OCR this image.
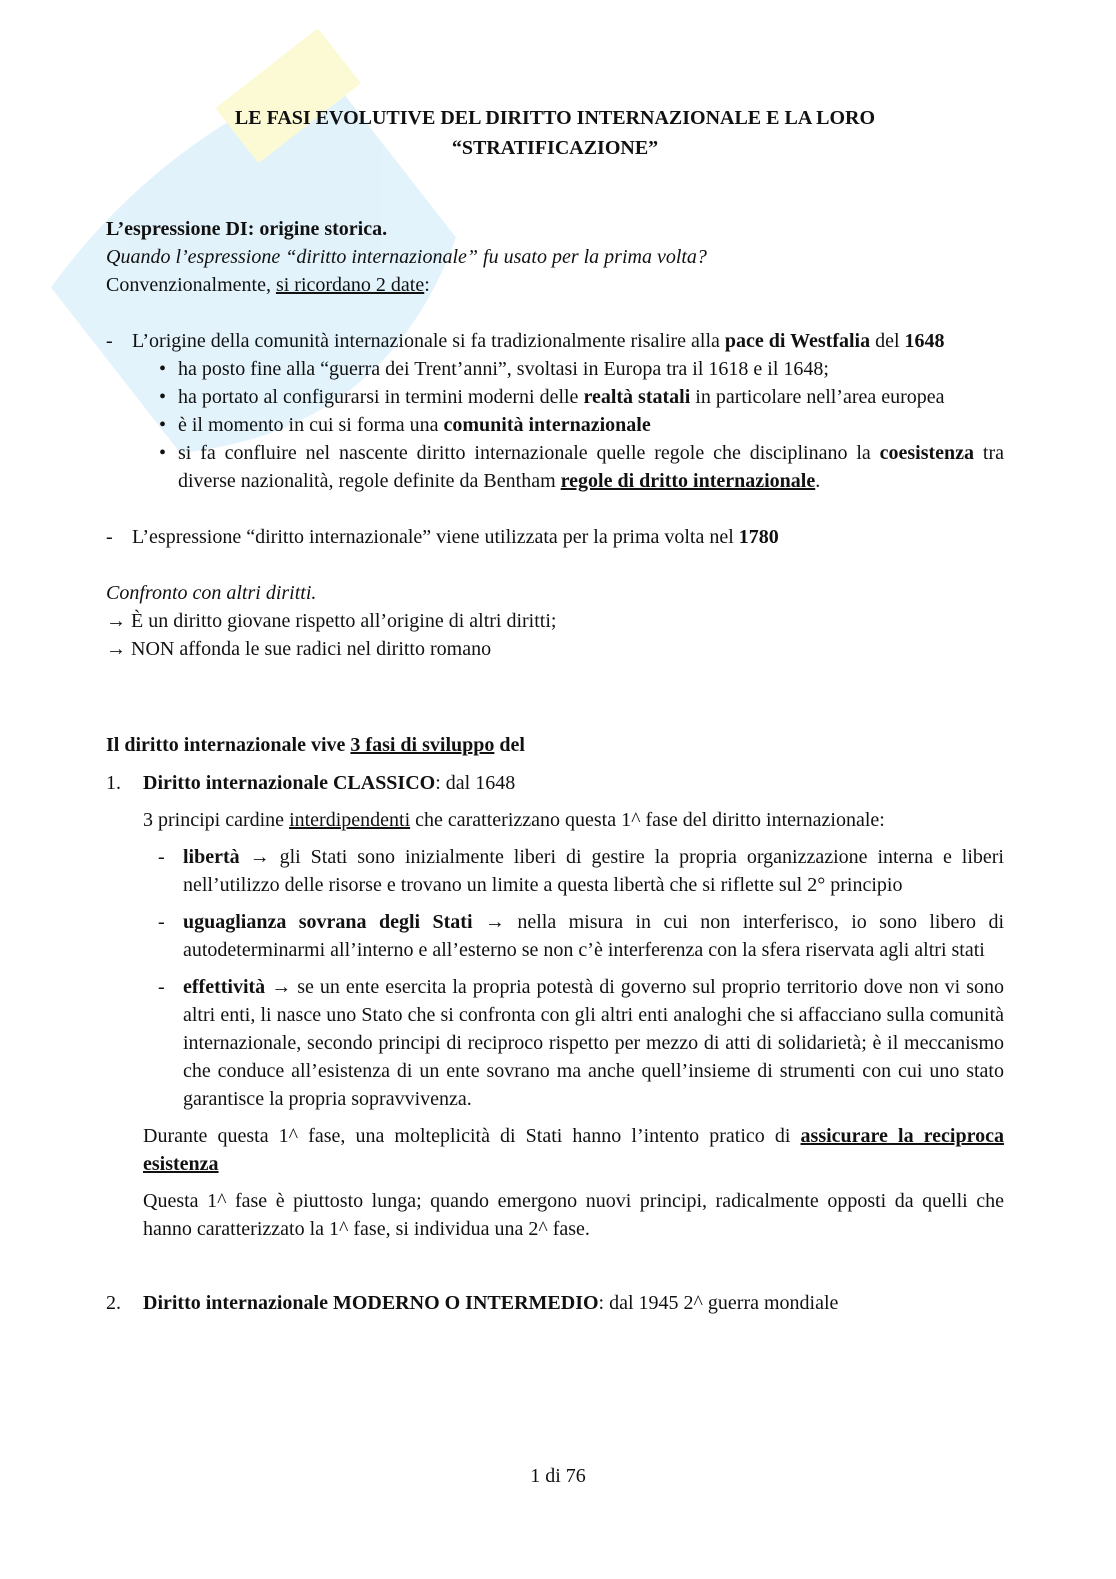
LE FASI EVOLUTIVE DEL DIRITTO INTERNAZIONALE E LA LORO
“STRATIFICAZIONE”

L’espressione DI: origine storica.

Quando l’espressione “diritto internazionale” fu usato per la prima volta?

Convenzionalmente, si ricordano 2 date:

- L’origine della comunità internazionale si fa tradizionalmente risalire alla pace di Westfalia del 1648
• ha posto fine alla “guerra dei Trent’anni”, svoltasi in Europa tra il 1618 e il 1648;
• ha portato al configurarsi in termini moderni delle realtà statali in particolare nell’area europea
• è il momento in cui si forma una comunità internazionale
• si fa confluire nel nascente diritto internazionale quelle regole che disciplinano la coesistenza tra diverse nazionalità, regole definite da Bentham regole di dritto internazionale.
- L’espressione “diritto internazionale” viene utilizzata per la prima volta nel 1780

Confronto con altri diritti.

→ È un diritto giovane rispetto all’origine di altri diritti;

→ NON affonda le sue radici nel diritto romano

Il diritto internazionale vive 3 fasi di sviluppo del

1. Diritto internazionale CLASSICO: dal 1648

3 principi cardine interdipendenti che caratterizzano questa 1^ fase del diritto internazionale:

- libertà → gli Stati sono inizialmente liberi di gestire la propria organizzazione interna e liberi nell’utilizzo delle risorse e trovano un limite a questa libertà che si riflette sul 2° principio
- uguaglianza sovrana degli Stati → nella misura in cui non interferisco, io sono libero di autodeterminarmi all’interno e all’esterno se non c’è interferenza con la sfera riservata agli altri stati
- effettività → se un ente esercita la propria potestà di governo sul proprio territorio dove non vi sono altri enti, li nasce uno Stato che si confronta con gli altri enti analoghi che si affacciano sulla comunità internazionale, secondo principi di reciproco rispetto per mezzo di atti di solidarietà; è il meccanismo che conduce all’esistenza di un ente sovrano ma anche quell’insieme di strumenti con cui uno stato garantisce la propria sopravvivenza.

Durante questa 1^ fase, una molteplicità di Stati hanno l’intento pratico di assicurare la reciproca esistenza

Questa 1^ fase è piuttosto lunga; quando emergono nuovi principi, radicalmente opposti da quelli che hanno caratterizzato la 1^ fase, si individua una 2^ fase.

2. Diritto internazionale MODERNO O INTERMEDIO: dal 1945 2^ guerra mondiale
1 di 76
